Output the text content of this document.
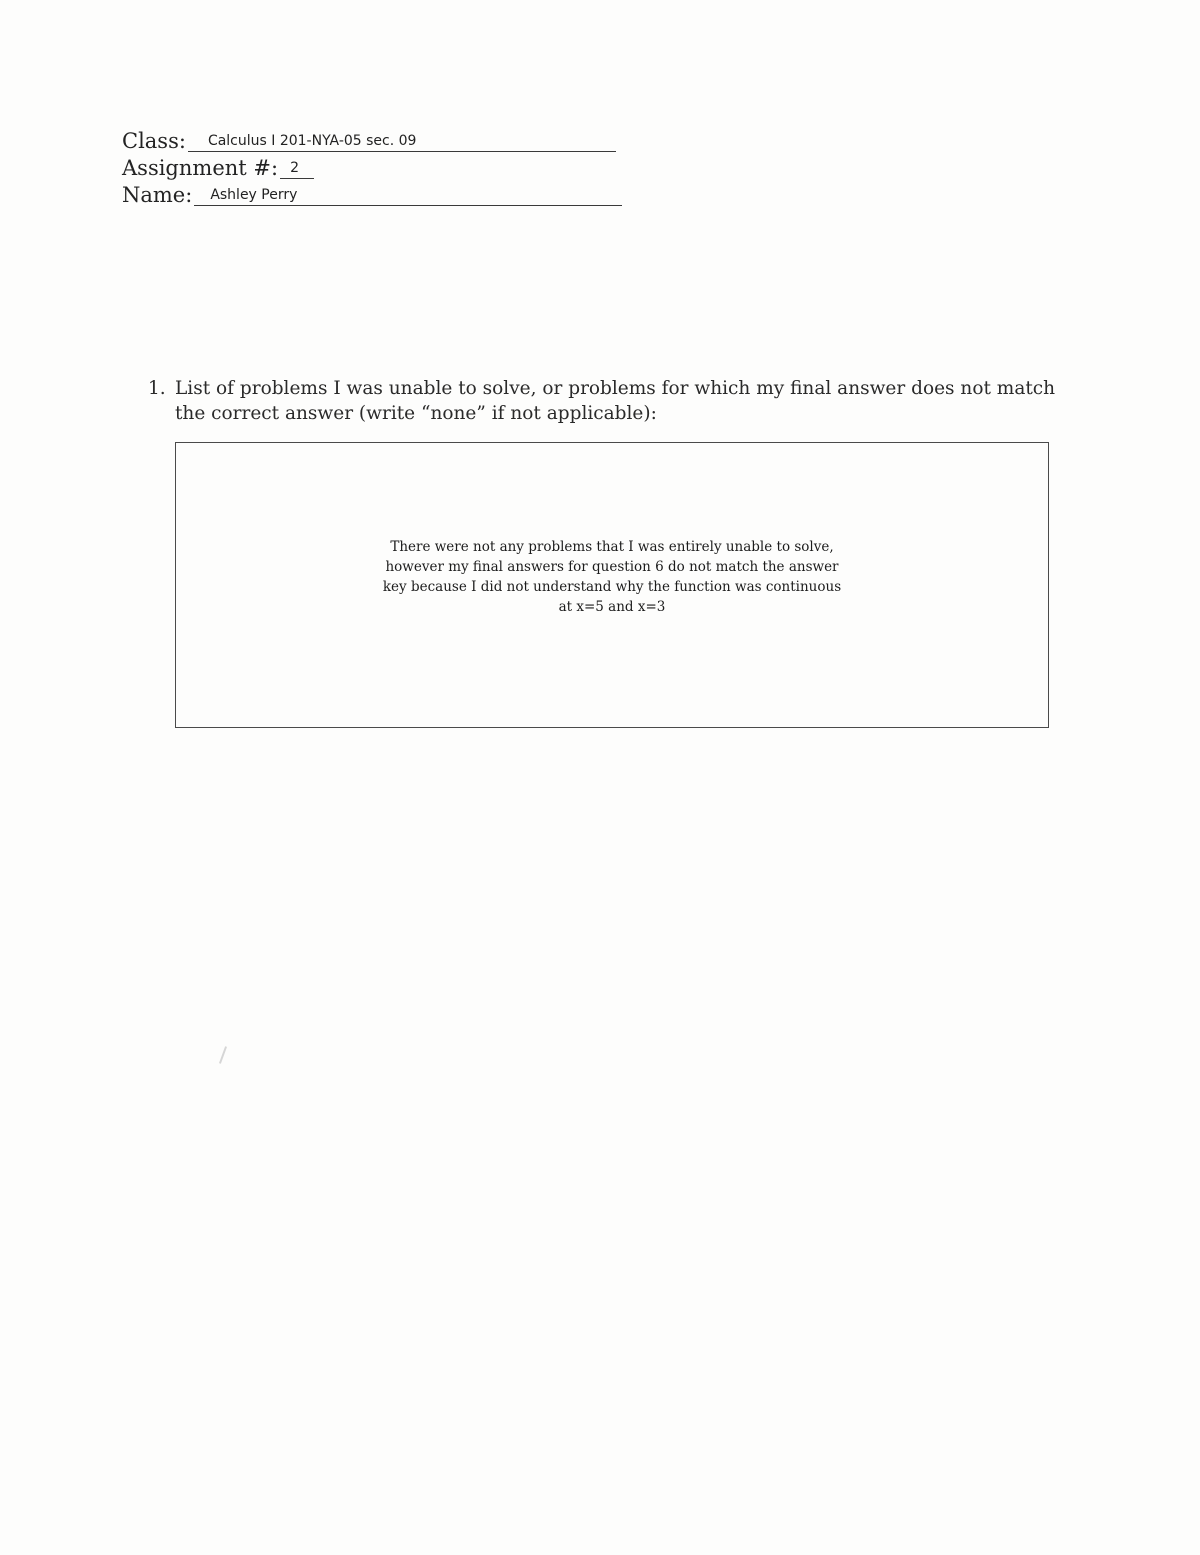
Class: Calculus I 201-NYA-05 sec. 09
Assignment #: 2
Name: Ashley Perry
1. List of problems I was unable to solve, or problems for which my final answer does not match the correct answer (write “none” if not applicable):
There were not any problems that I was entirely unable to solve,
however my final answers for question 6 do not match the answer
key because I did not understand why the function was continuous
at x=5 and x=3
